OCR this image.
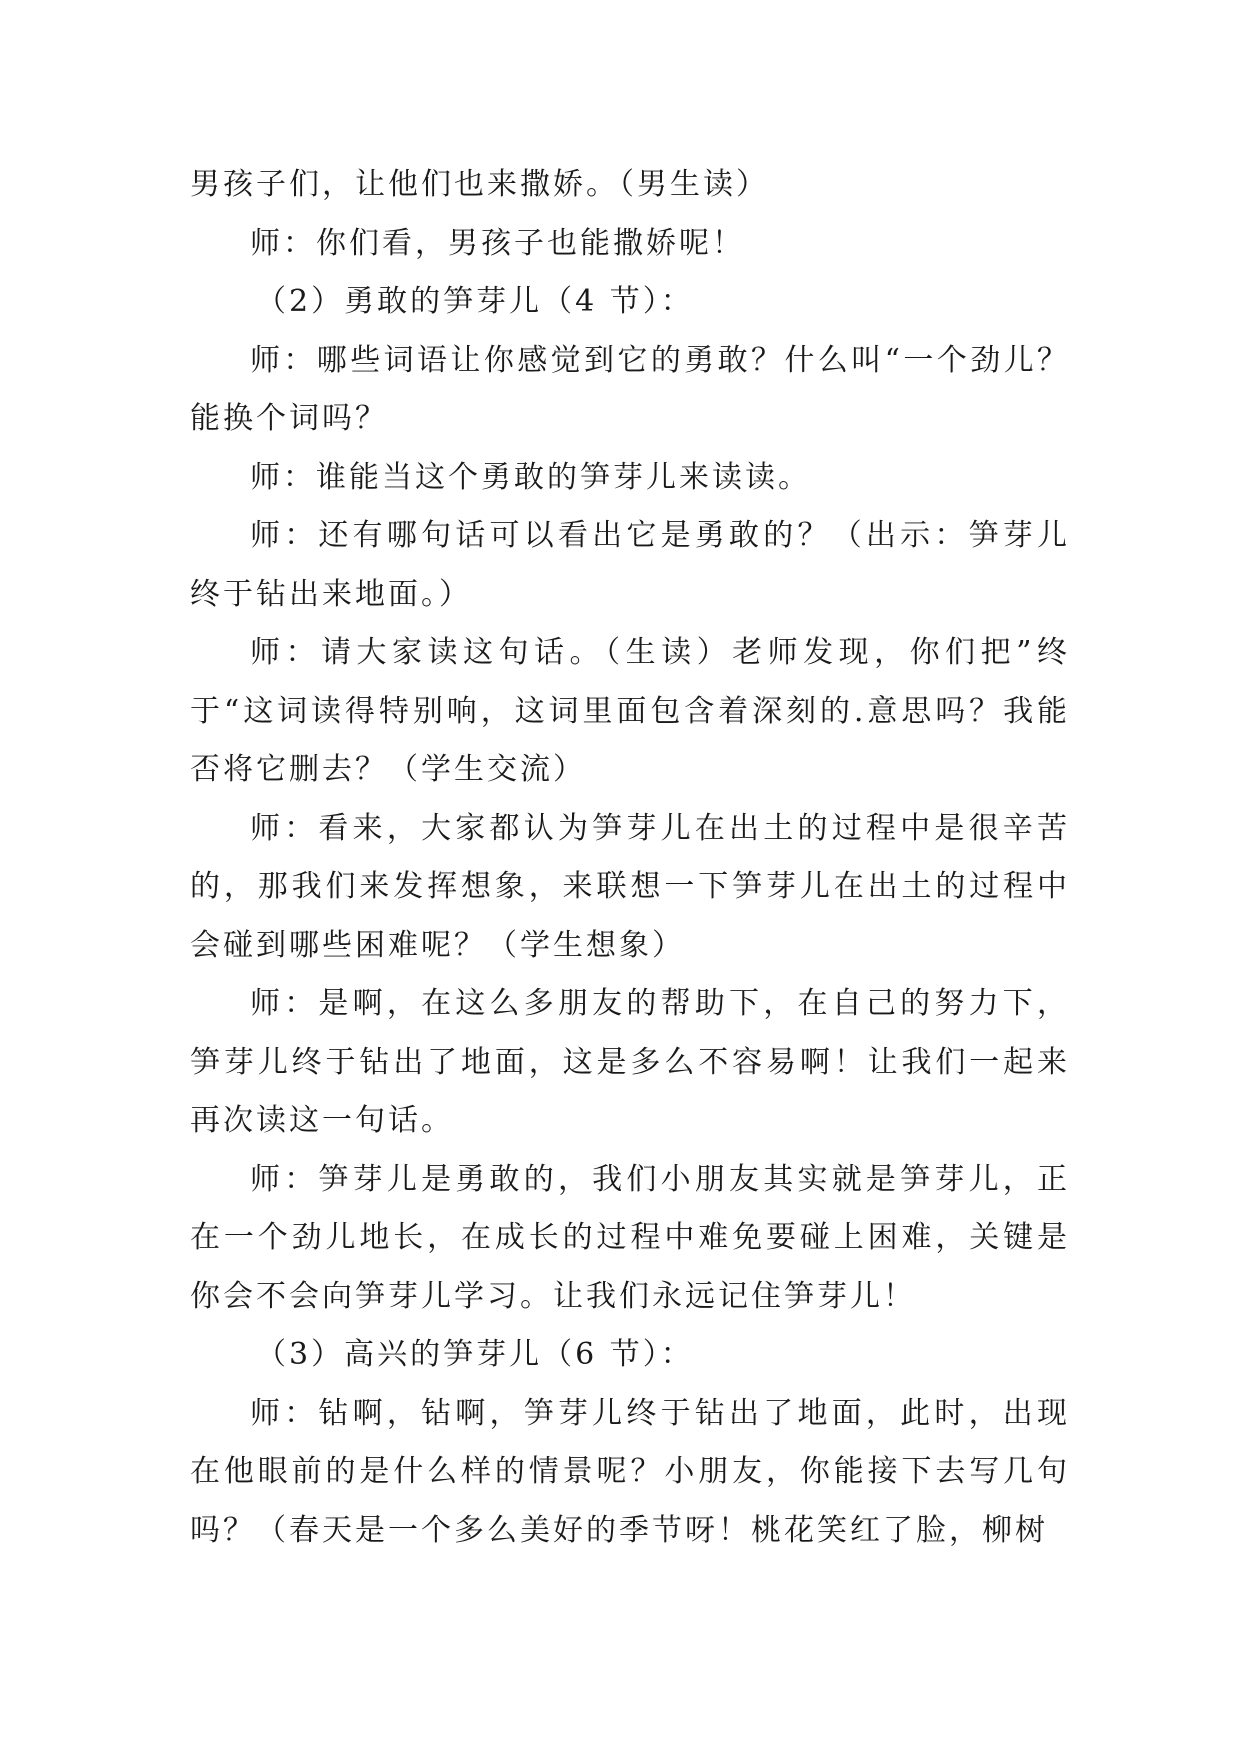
男孩子们，让他们也来撒娇。（男生读）

师：你们看，男孩子也能撒娇呢！

（2）勇敢的笋芽儿（4 节）：

师：哪些词语让你感觉到它的勇敢？什么叫“一个劲儿？能换个词吗？

师：谁能当这个勇敢的笋芽儿来读读。

师：还有哪句话可以看出它是勇敢的？（出示：笋芽儿终于钻出来地面。）

师：请大家读这句话。（生读）老师发现，你们把”终于“这词读得特别响，这词里面包含着深刻的.意思吗？我能否将它删去？（学生交流）

师：看来，大家都认为笋芽儿在出土的过程中是很辛苦的，那我们来发挥想象，来联想一下笋芽儿在出土的过程中会碰到哪些困难呢？（学生想象）

师：是啊，在这么多朋友的帮助下，在自己的努力下，笋芽儿终于钻出了地面，这是多么不容易啊！让我们一起来再次读这一句话。

师：笋芽儿是勇敢的，我们小朋友其实就是笋芽儿，正在一个劲儿地长，在成长的过程中难免要碰上困难，关键是你会不会向笋芽儿学习。让我们永远记住笋芽儿！

（3）高兴的笋芽儿（6 节）：

师：钻啊，钻啊，笋芽儿终于钻出了地面，此时，出现在他眼前的是什么样的情景呢？小朋友，你能接下去写几句吗？（春天是一个多么美好的季节呀！桃花笑红了脸，柳树
